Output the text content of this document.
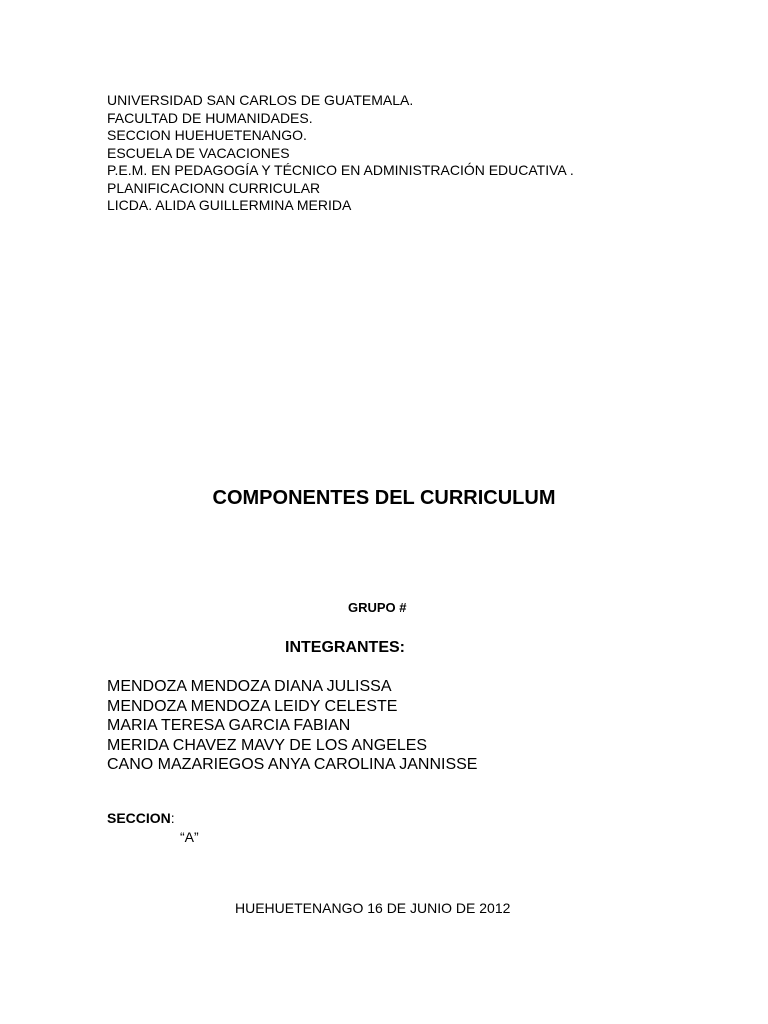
UNIVERSIDAD SAN CARLOS DE GUATEMALA.

FACULTAD DE HUMANIDADES.

SECCION HUEHUETENANGO.

ESCUELA DE VACACIONES

P.E.M. EN PEDAGOGÍA Y TÉCNICO EN ADMINISTRACIÓN EDUCATIVA .

PLANIFICACIONN CURRICULAR

LICDA. ALIDA GUILLERMINA MERIDA

COMPONENTES DEL CURRICULUM

GRUPO #

INTEGRANTES:

MENDOZA MENDOZA DIANA JULISSA
MENDOZA MENDOZA LEIDY CELESTE
MARIA TERESA GARCIA FABIAN
MERIDA CHAVEZ MAVY DE LOS ANGELES
CANO MAZARIEGOS ANYA CAROLINA JANNISSE

SECCION:

“A”

HUEHUETENANGO 16 DE JUNIO DE 2012
